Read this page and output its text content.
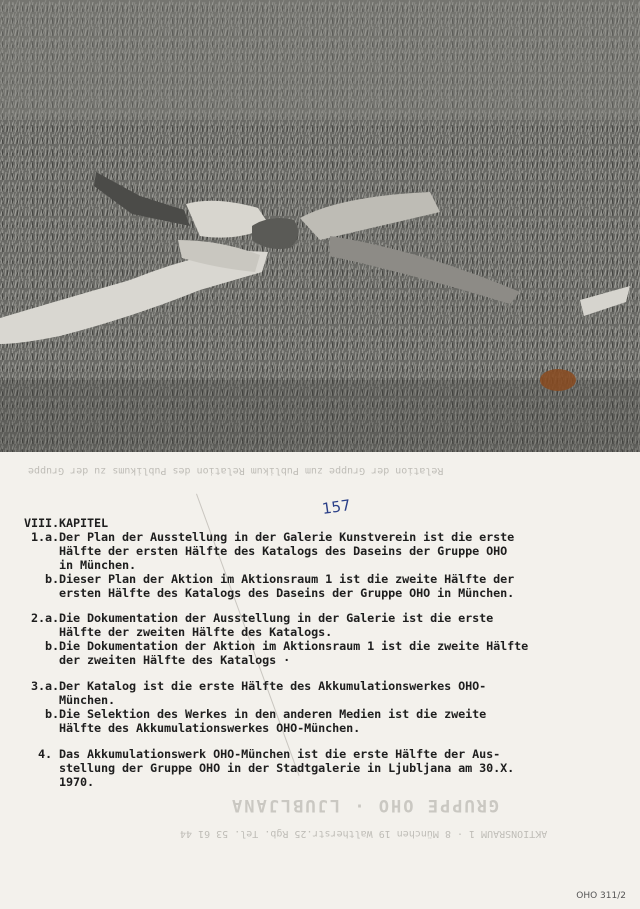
Relation der Gruppe zum Publikum Relation des Publikums zu der Gruppe
GRUPPE OHO · LJUBLJANA
AKTIONSRAUM 1 · 8 München 19 Waltherstr.25 Rgb. Tel. 53 61 44
157

VIII.KAPITEL

1.a.Der Plan der Ausstellung in der Galerie Kunstverein ist die erste

Hälfte der ersten Hälfte des Katalogs des Daseins der Gruppe OHO

in München.

b.Dieser Plan der Aktion im Aktionsraum 1 ist die zweite Hälfte der

ersten Hälfte des Katalogs des Daseins der Gruppe OHO in München.

2.a.Die Dokumentation der Ausstellung in der Galerie ist die erste

Hälfte der zweiten Hälfte des Katalogs.

b.Die Dokumentation der Aktion im Aktionsraum 1 ist die zweite Hälfte

der zweiten Hälfte des Katalogs ·

3.a.Der Katalog ist die erste Hälfte des Akkumulationswerkes OHO-

München.

b.Die Selektion des Werkes in den anderen Medien ist die zweite

Hälfte des Akkumulationswerkes OHO-München.

4. Das Akkumulationswerk OHO-München ist die erste Hälfte der Aus-

stellung der Gruppe OHO in der Stadtgalerie in Ljubljana am 30.X.

1970.

OHO 311/2
